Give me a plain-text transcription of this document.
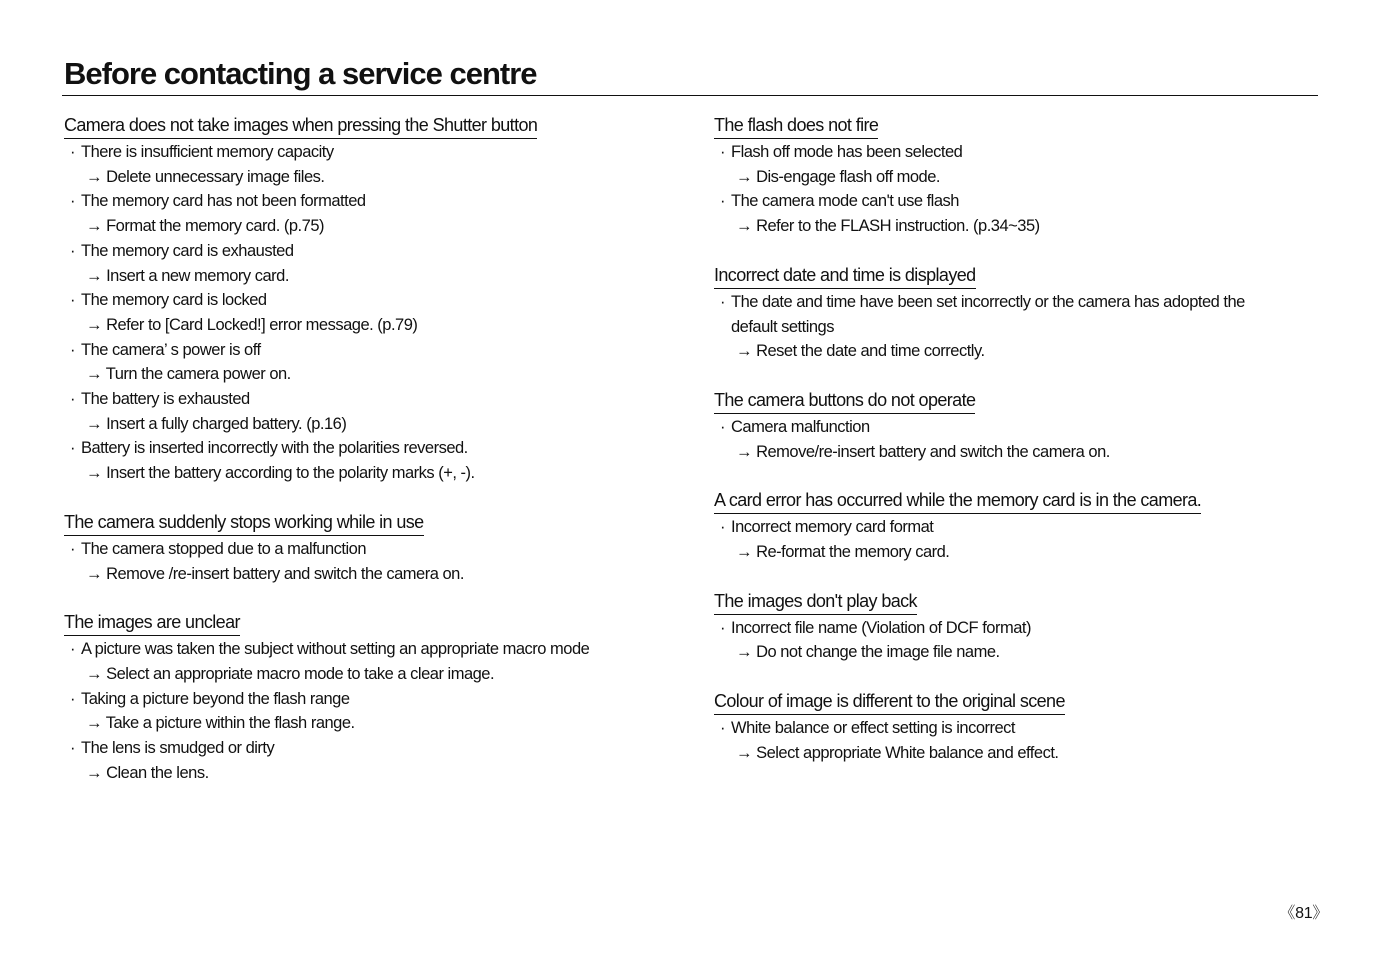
Before contacting a service centre
Camera does not take images when pressing the Shutter button
· There is insufficient memory capacity
→ Delete unnecessary image files.
· The memory card has not been formatted
→ Format the memory card. (p.75)
· The memory card is exhausted
→ Insert a new memory card.
· The memory card is locked
→ Refer to [Card Locked!] error message. (p.79)
· The camera’ s power is off
→ Turn the camera power on.
· The battery is exhausted
→ Insert a fully charged battery. (p.16)
· Battery is inserted incorrectly with the polarities reversed.
→ Insert the battery according to the polarity marks (+, -).
The camera suddenly stops working while in use
· The camera stopped due to a malfunction
→ Remove /re-insert battery and switch the camera on.
The images are unclear
· A picture was taken the subject without setting an appropriate macro mode
→ Select an appropriate macro mode to take a clear image.
· Taking a picture beyond the flash range
→ Take a picture within the flash range.
· The lens is smudged or dirty
→ Clean the lens.
The flash does not fire
· Flash off mode has been selected
→ Dis-engage flash off mode.
· The camera mode can't use flash
→ Refer to the FLASH instruction. (p.34~35)
Incorrect date and time is displayed
· The date and time have been set incorrectly or the camera has adopted the default settings
→ Reset the date and time correctly.
The camera buttons do not operate
· Camera malfunction
→ Remove/re-insert battery and switch the camera on.
A card error has occurred while the memory card is in the camera.
· Incorrect memory card format
→ Re-format the memory card.
The images don't play back
· Incorrect file name (Violation of DCF format)
→ Do not change the image file name.
Colour of image is different to the original scene
· White balance or effect setting is incorrect
→ Select appropriate White balance and effect.
《81》
